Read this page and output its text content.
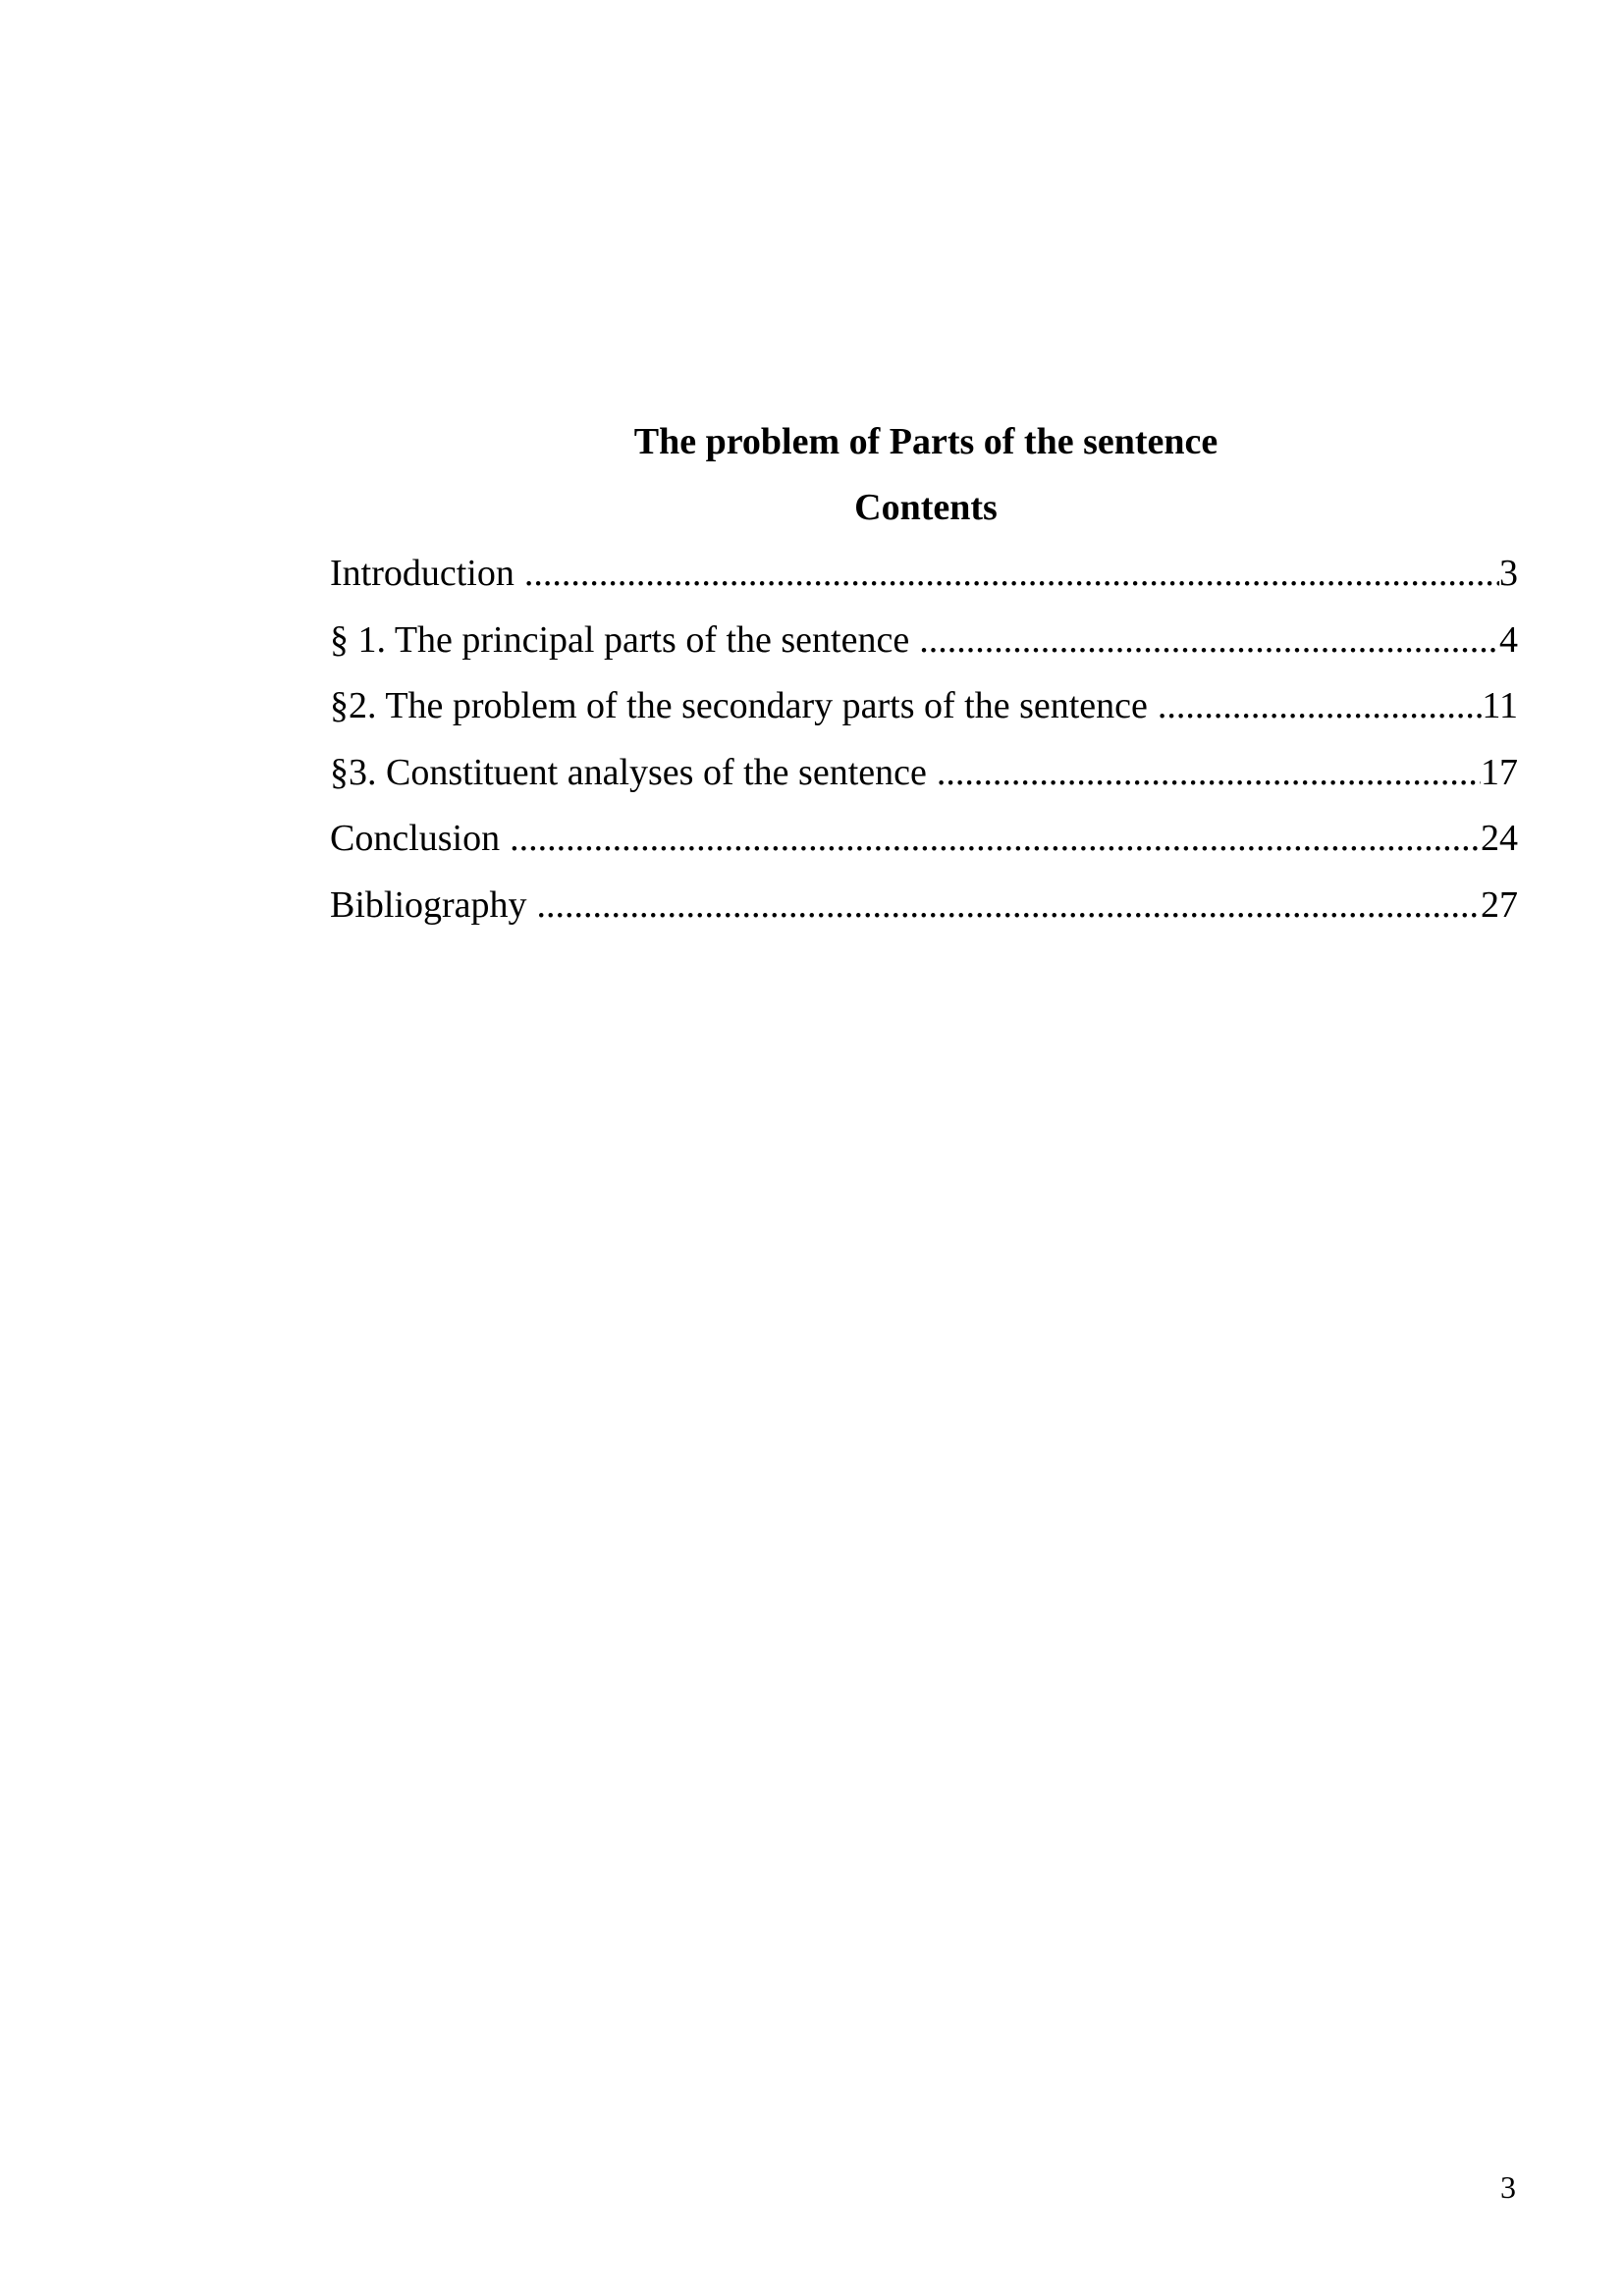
The problem of Parts of the sentence
Contents
Introduction .....	3
§ 1. The principal parts of the sentence .....	4
§2. The problem of the secondary parts of the sentence .....	11
§3. Constituent analyses of the sentence .....	17
Conclusion .....	24
Bibliography .....	27
3
